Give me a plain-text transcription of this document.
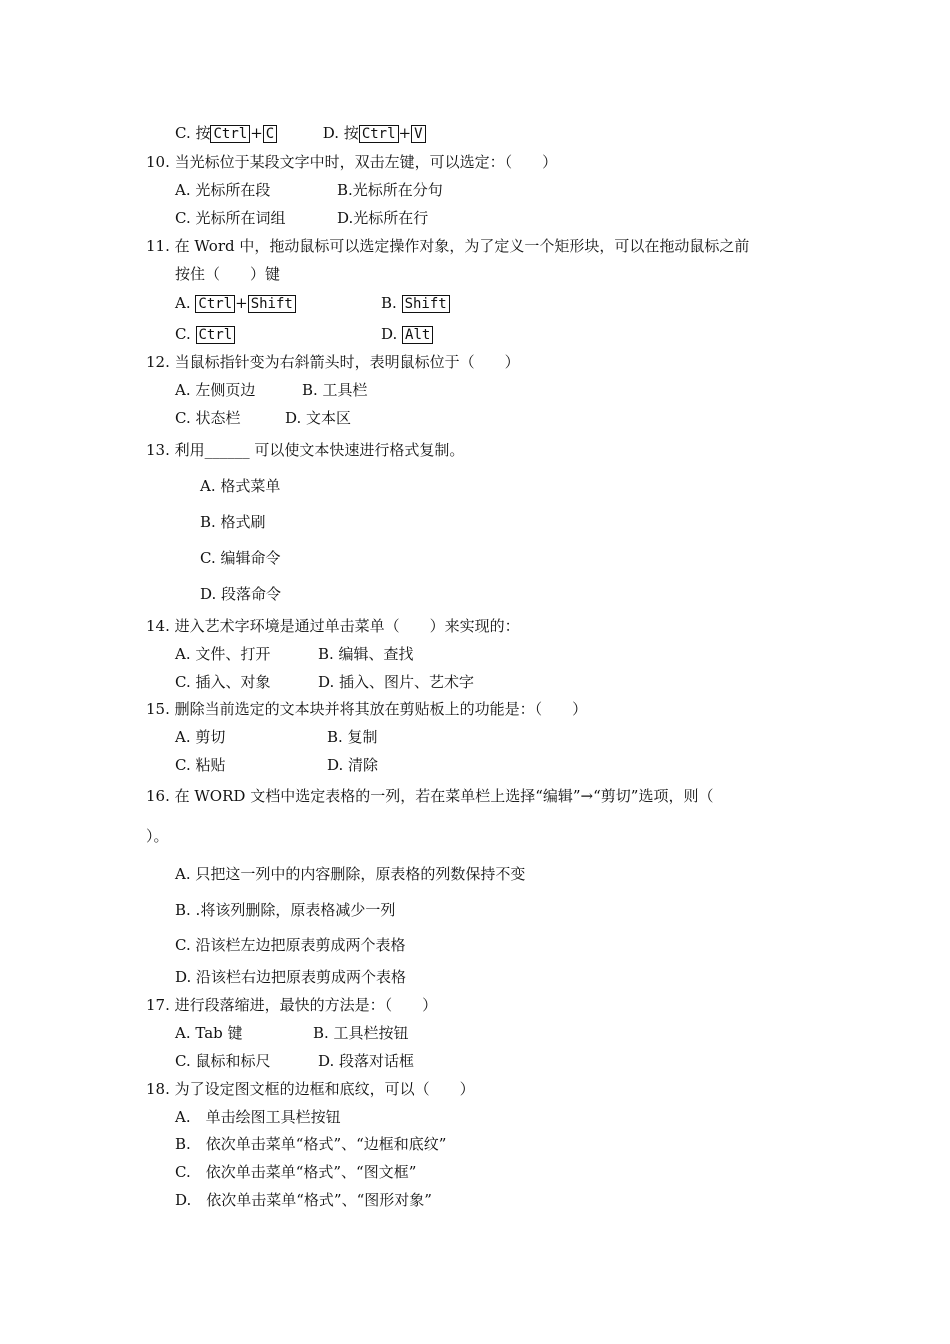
C. 按 Ctrl +C	D. 按 Ctrl +V
10. 当光标位于某段文字中时，双击左键，可以选定：（　　）
A. 光标所在段	B.光标所在分句
C. 光标所在词组	D.光标所在行
11. 在 Word 中，拖动鼠标可以选定操作对象，为了定义一个矩形块，可以在拖动鼠标之前
按住（　　）键
A. Ctrl + Shift	B. Shift
C. Ctrl	D. Alt
12. 当鼠标指针变为右斜箭头时，表明鼠标位于（　　）
A. 左侧页边	B. 工具栏
C. 状态栏	D. 文本区
13. 利用______ 可以使文本快速进行格式复制。
A. 格式菜单
B. 格式刷
C. 编辑命令
D. 段落命令
14. 进入艺术字环境是通过单击菜单（　　）来实现的：
A. 文件、打开	B. 编辑、查找
C. 插入、对象	D. 插入、图片、艺术字
15. 删除当前选定的文本块并将其放在剪贴板上的功能是：（　　）
A. 剪切	B. 复制
C. 粘贴	D. 清除
16. 在 WORD 文档中选定表格的一列，若在菜单栏上选择“编辑”→“剪切”选项，则（
）。
A. 只把这一列中的内容删除，原表格的列数保持不变
B. .将该列删除，原表格减少一列
C. 沿该栏左边把原表剪成两个表格
D. 沿该栏右边把原表剪成两个表格
17. 进行段落缩进，最快的方法是：（　　）
A. Tab 键	B. 工具栏按钮
C. 鼠标和标尺	D. 段落对话框
18. 为了设定图文框的边框和底纹，可以（　　）
A.　单击绘图工具栏按钮
B.　依次单击菜单“格式”、“边框和底纹”
C.　依次单击菜单“格式”、“图文框”
D.　依次单击菜单“格式”、“图形对象”
